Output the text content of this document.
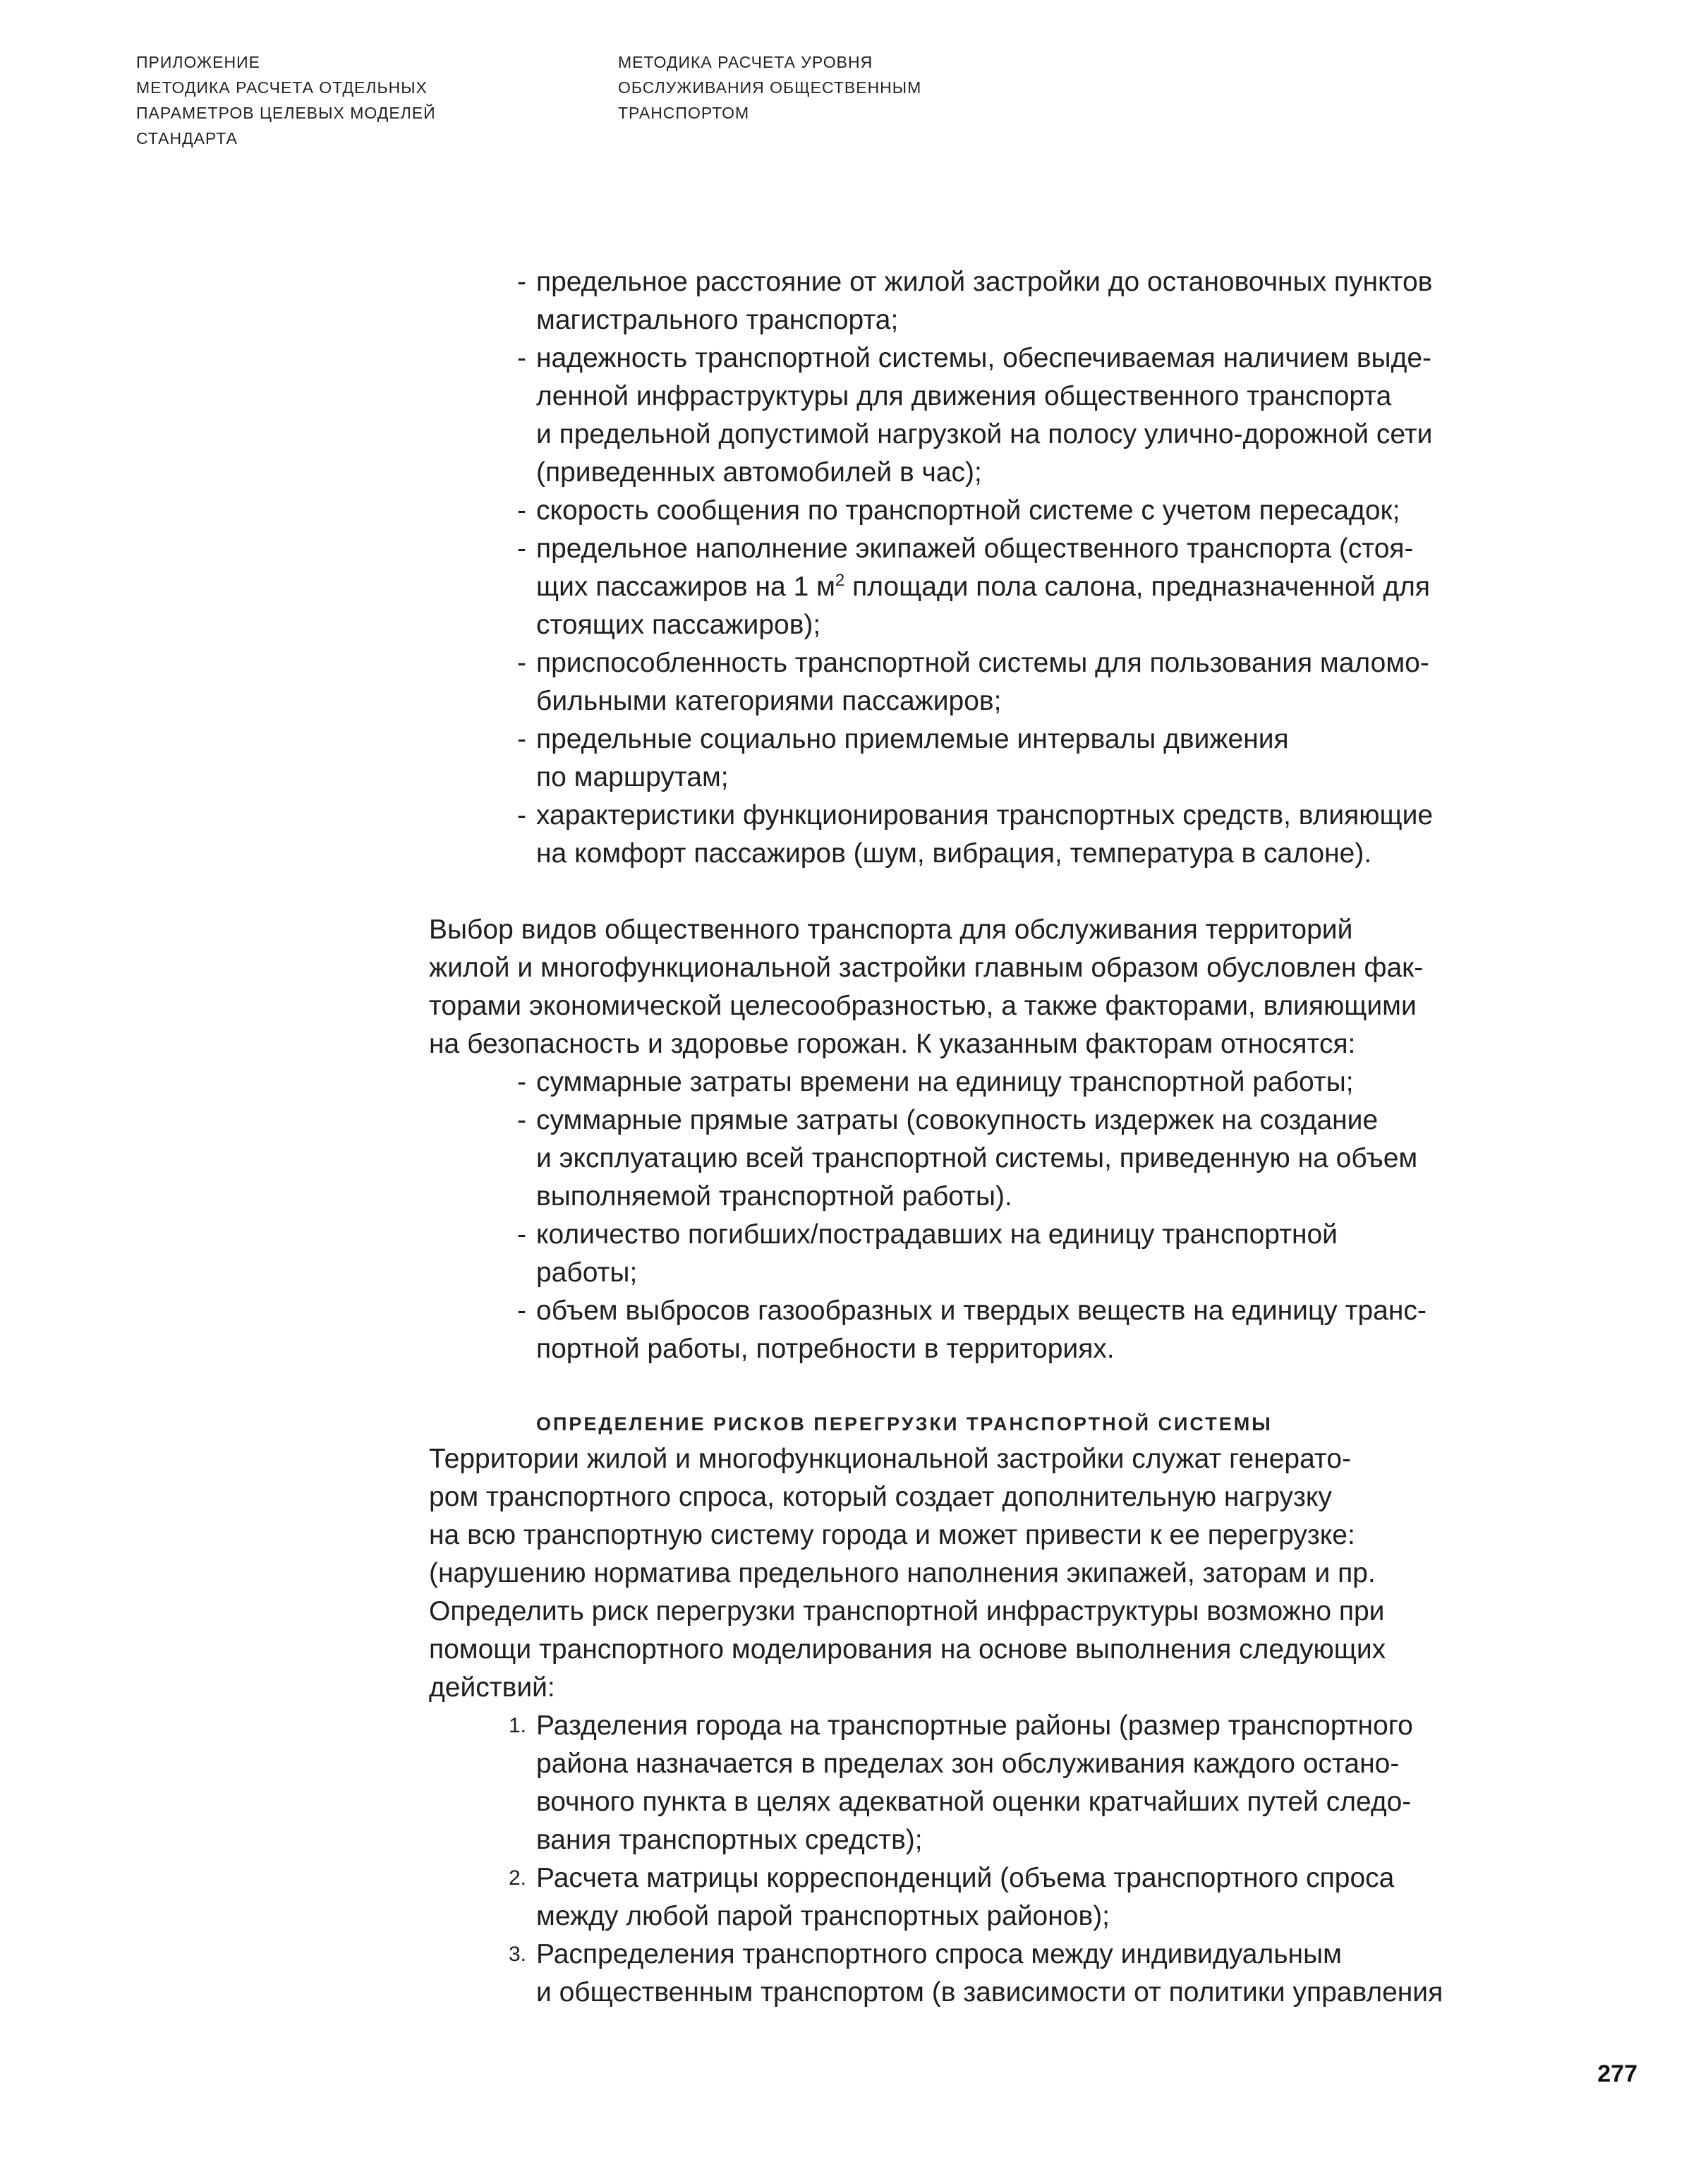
ПРИЛОЖЕНИЕ
МЕТОДИКА РАСЧЕТА ОТДЕЛЬНЫХ
ПАРАМЕТРОВ ЦЕЛЕВЫХ МОДЕЛЕЙ
СТАНДАРТА
МЕТОДИКА РАСЧЕТА УРОВНЯ
ОБСЛУЖИВАНИЯ ОБЩЕСТВЕННЫМ
ТРАНСПОРТОМ
- предельное расстояние от жилой застройки до остановочных пунктов
магистрального транспорта;
- надежность транспортной системы, обеспечиваемая наличием выде-
ленной инфраструктуры для движения общественного транспорта
и предельной допустимой нагрузкой на полосу улично-дорожной сети
(приведенных автомобилей в час);
- скорость сообщения по транспортной системе с учетом пересадок;
- предельное наполнение экипажей общественного транспорта (стоя-
щих пассажиров на 1 $м^2$ площади пола салона, предназначенной для
стоящих пассажиров);
- приспособленность транспортной системы для пользования маломо-
бильными категориями пассажиров;
- предельные социально приемлемые интервалы движения
по маршрутам;
- характеристики функционирования транспортных средств, влияющие
на комфорт пассажиров (шум, вибрация, температура в салоне).

Выбор видов общественного транспорта для обслуживания территорий
жилой и многофункциональной застройки главным образом обусловлен фак-
торами экономической целесообразностью, а также факторами, влияющими
на безопасность и здоровье горожан. К указанным факторам относятся:

- суммарные затраты времени на единицу транспортной работы;
- суммарные прямые затраты (совокупность издержек на создание
и эксплуатацию всей транспортной системы, приведенную на объем
выполняемой транспортной работы).
- количество погибших/пострадавших на единицу транспортной
работы;
- объем выбросов газообразных и твердых веществ на единицу транс-
портной работы, потребности в территориях.
ОПРЕДЕЛЕНИЕ РИСКОВ ПЕРЕГРУЗКИ ТРАНСПОРТНОЙ СИСТЕМЫ

Территории жилой и многофункциональной застройки служат генерато-
ром транспортного спроса, который создает дополнительную нагрузку
на всю транспортную систему города и может привести к ее перегрузке:
(нарушению норматива предельного наполнения экипажей, заторам и пр.
Определить риск перегрузки транспортной инфраструктуры возможно при
помощи транспортного моделирования на основе выполнения следующих
действий:

1. Разделения города на транспортные районы (размер транспортного
района назначается в пределах зон обслуживания каждого остано-
вочного пункта в целях адекватной оценки кратчайших путей следо-
вания транспортных средств);
2. Расчета матрицы корреспонденций (объема транспортного спроса
между любой парой транспортных районов);
3. Распределения транспортного спроса между индивидуальным
и общественным транспортом (в зависимости от политики управления
277
